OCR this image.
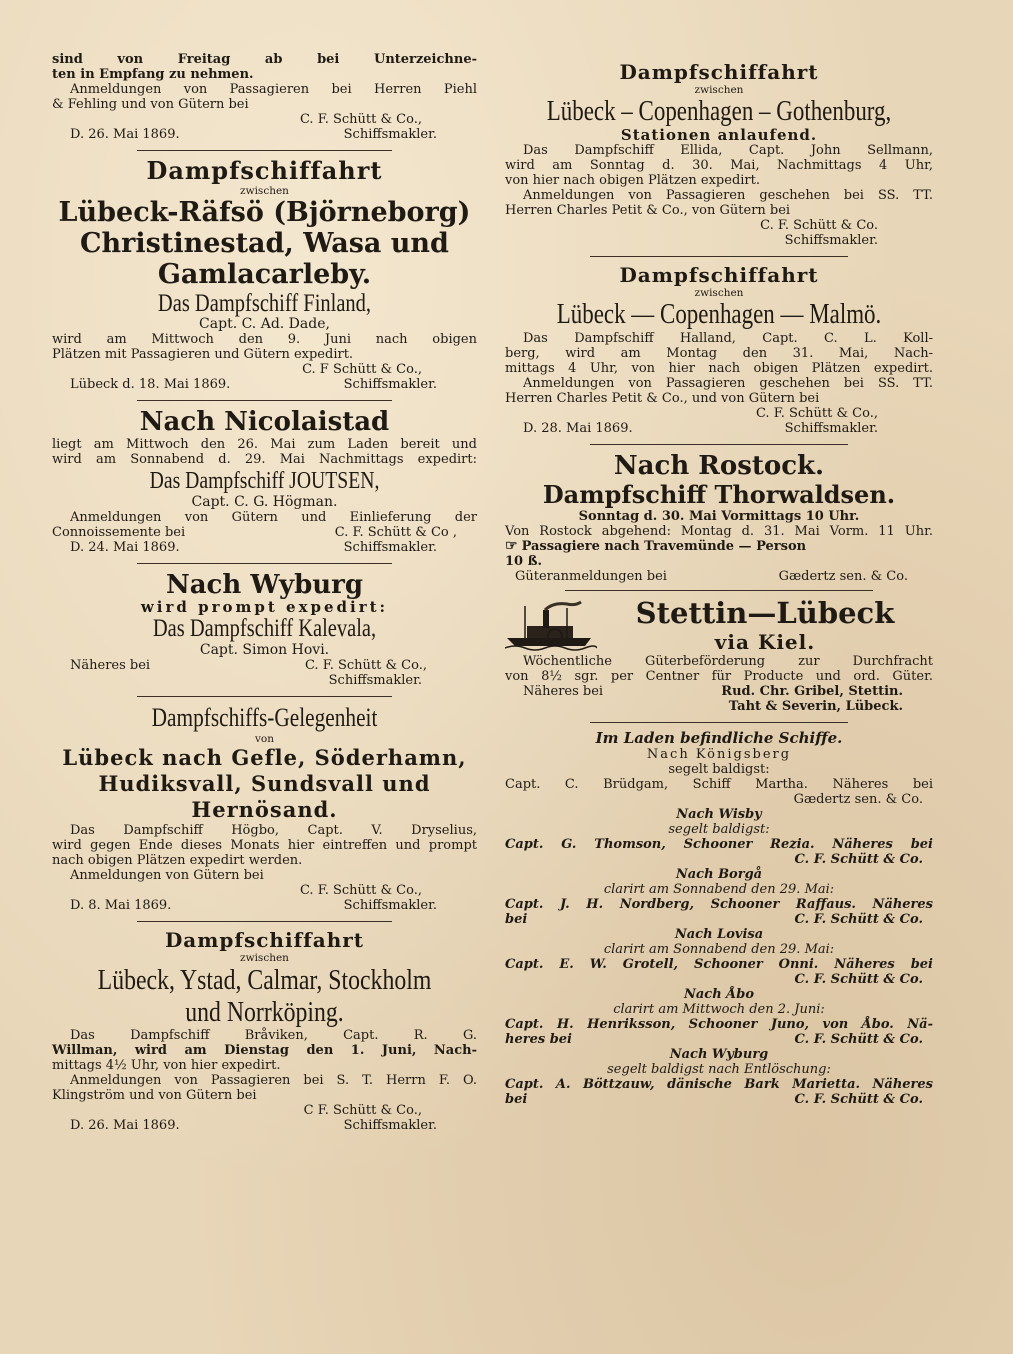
sind von Freitag ab bei Unterzeichne-
ten in Empfang zu nehmen.
Anmeldungen von Passagieren bei Herren Piehl
& Fehling und von Gütern bei
C. F. Schütt & Co.,
D. 26. Mai 1869.	Schiffsmakler.
Dampfschiffahrt
zwischen
Lübeck-Räfsö (Björneborg)
Christinestad, Wasa und
Gamlacarleby.
Das Dampfschiff Finland,
Capt. C. Ad. Dade,
wird am Mittwoch den 9. Juni nach obigen
Plätzen mit Passagieren und Gütern expedirt.
C. F Schütt & Co.,
Lübeck d. 18. Mai 1869.	Schiffsmakler.
Nach Nicolaistad
liegt am Mittwoch den 26. Mai zum Laden bereit und
wird am Sonnabend d. 29. Mai Nachmittags expedirt:
Das Dampfschiff JOUTSEN,
Capt. C. G. Högman.
Anmeldungen von Gütern und Einlieferung der
Connoissemente bei	C. F. Schütt & Co ,
D. 24. Mai 1869.	Schiffsmakler.
Nach Wyburg
wird prompt expedirt:
Das Dampfschiff Kalevala,
Capt. Simon Hovi.
Näheres bei	C. F. Schütt & Co.,
Schiffsmakler.
Dampfschiffs-Gelegenheit
von
Lübeck nach Gefle, Söderhamn,
Hudiksvall, Sundsvall und
Hernösand.
Das Dampfschiff Högbo, Capt. V. Dryselius,
wird gegen Ende dieses Monats hier eintreffen und prompt
nach obigen Plätzen expedirt werden.
Anmeldungen von Gütern bei
C. F. Schütt & Co.,
D. 8. Mai 1869.	Schiffsmakler.
Dampfschiffahrt
zwischen
Lübeck, Ystad, Calmar, Stockholm
und Norrköping.
Das Dampfschiff Bråviken, Capt. R. G.
Willman, wird am Dienstag den 1. Juni, Nach-
mittags 4½ Uhr, von hier expedirt.
Anmeldungen von Passagieren bei S. T. Herrn F. O.
Klingström und von Gütern bei
C F. Schütt & Co.,
D. 26. Mai 1869.	Schiffsmakler.
Dampfschiffahrt
zwischen
Lübeck – Copenhagen – Gothenburg,
Stationen anlaufend.
Das Dampfschiff Ellida, Capt. John Sellmann,
wird am Sonntag d. 30. Mai, Nachmittags 4 Uhr,
von hier nach obigen Plätzen expedirt.
Anmeldungen von Passagieren geschehen bei SS. TT.
Herren Charles Petit & Co., von Gütern bei
C. F. Schütt & Co.
Schiffsmakler.
Dampfschiffahrt
zwischen
Lübeck — Copenhagen — Malmö.
Das Dampfschiff Halland, Capt. C. L. Koll-
berg, wird am Montag den 31. Mai, Nach-
mittags 4 Uhr, von hier nach obigen Plätzen expedirt.
Anmeldungen von Passagieren geschehen bei SS. TT.
Herren Charles Petit & Co., und von Gütern bei
C. F. Schütt & Co.,
D. 28. Mai 1869.	Schiffsmakler.
Nach Rostock.
Dampfschiff Thorwaldsen.
Sonntag d. 30. Mai Vormittags 10 Uhr.
Von Rostock abgehend: Montag d. 31. Mai Vorm. 11 Uhr.
☞ Passagiere nach Travemünde — Person
10 ß.
Güteranmeldungen bei	Gædertz sen. & Co.
Stettin—Lübeck
via Kiel.
Wöchentliche Güterbeförderung zur Durchfracht
von 8½ sgr. per Centner für Producte und ord. Güter.
Näheres bei	Rud. Chr. Gribel, Stettin.
Taht & Severin, Lübeck.
Im Laden befindliche Schiffe.
Nach Königsberg
segelt baldigst:
Capt. C. Brüdgam, Schiff Martha. Näheres bei
Gædertz sen. & Co.
Nach Wisby
segelt baldigst:
Capt. G. Thomson, Schooner Rezia. Näheres bei
C. F. Schütt & Co.
Nach Borgå
clarirt am Sonnabend den 29. Mai:
Capt. J. H. Nordberg, Schooner Raffaus. Näheres
bei	C. F. Schütt & Co.
Nach Lovisa
clarirt am Sonnabend den 29. Mai:
Capt. E. W. Grotell, Schooner Onni. Näheres bei
C. F. Schütt & Co.
Nach Åbo
clarirt am Mittwoch den 2. Juni:
Capt. H. Henriksson, Schooner Juno, von Åbo. Nä-
heres bei	C. F. Schütt & Co.
Nach Wyburg
segelt baldigst nach Entlöschung:
Capt. A. Böttzauw, dänische Bark Marietta. Näheres
bei	C. F. Schütt & Co.
